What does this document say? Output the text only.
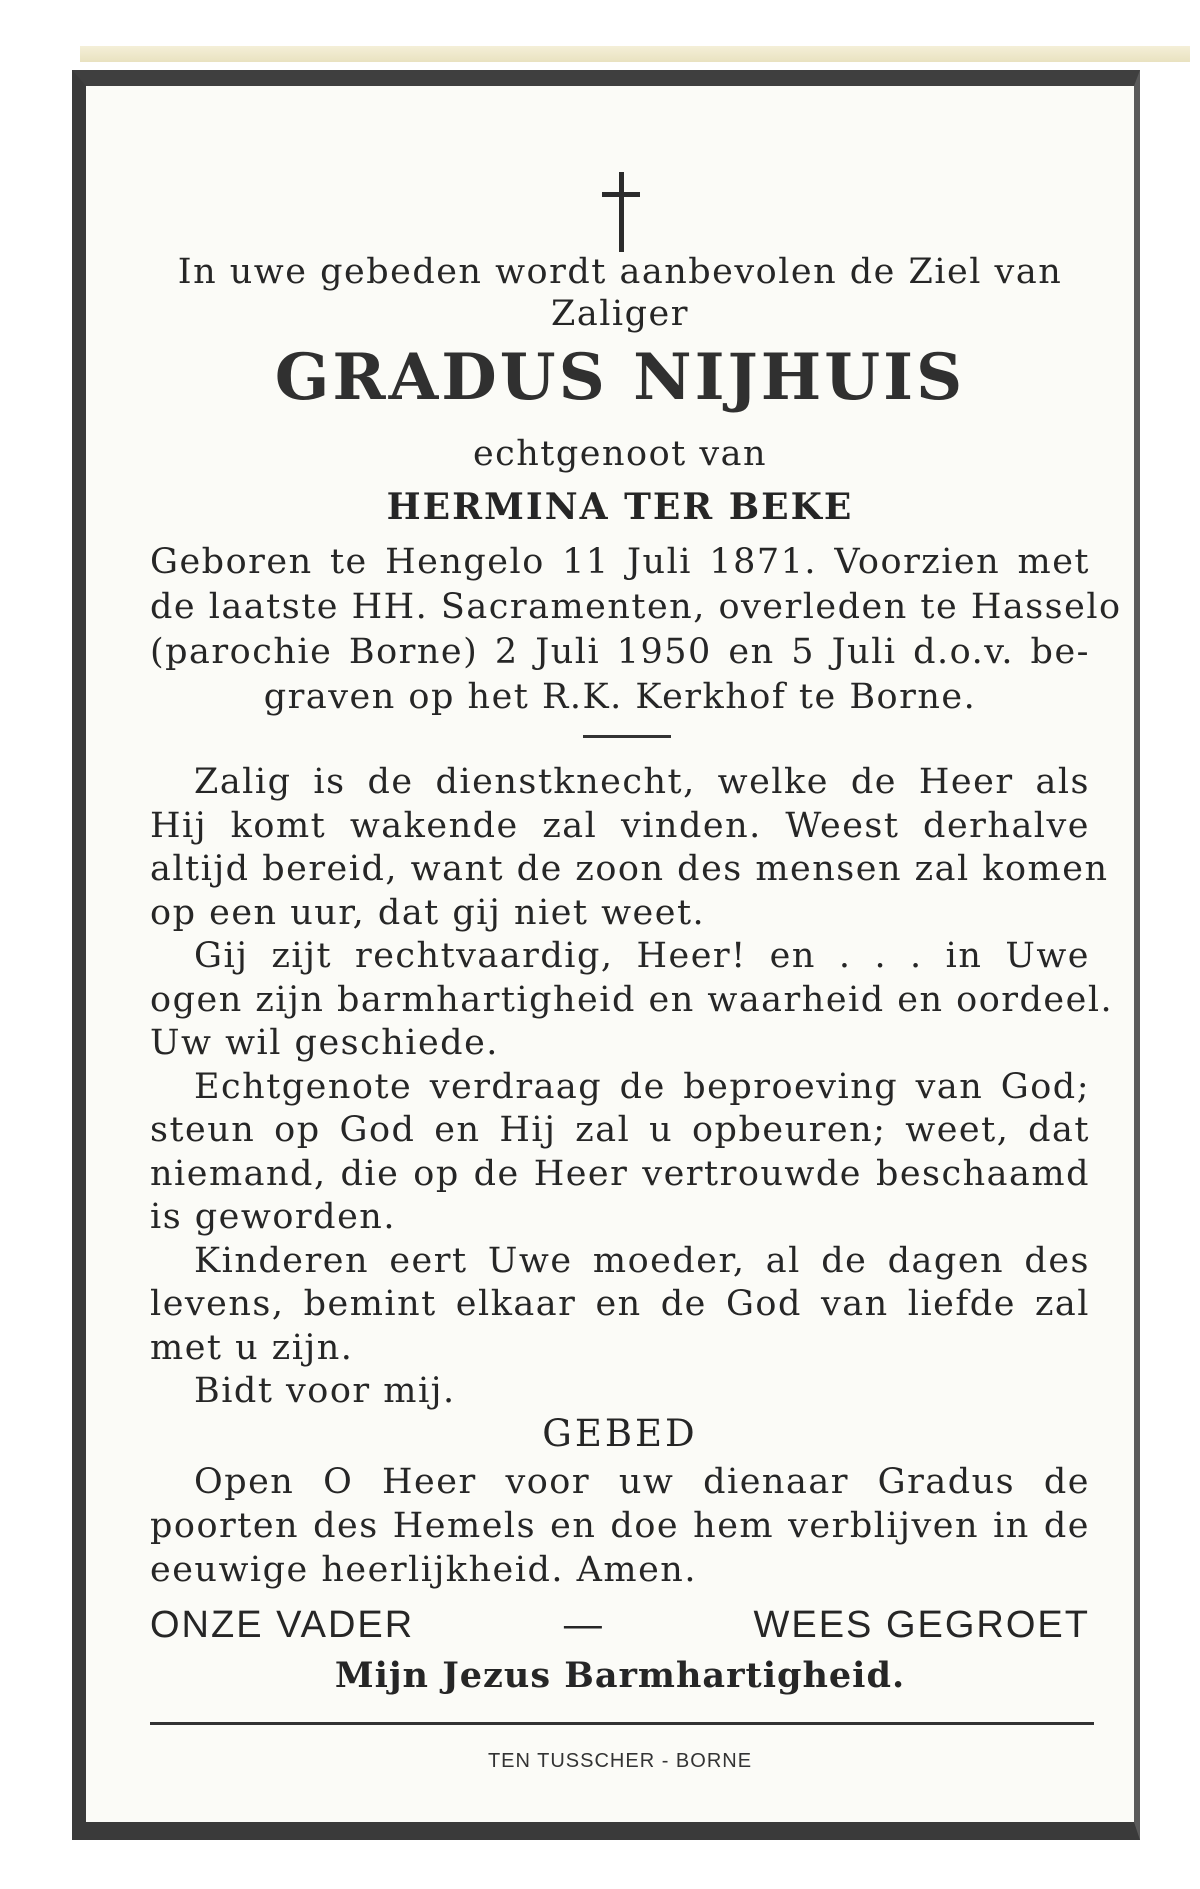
In uwe gebeden wordt aanbevolen de Ziel van
Zaliger
GRADUS NIJHUIS
echtgenoot van
HERMINA TER BEKE
Geboren te Hengelo 11 Juli 1871. Voorzien met
de laatste HH. Sacramenten, overleden te Hasselo
(parochie Borne) 2 Juli 1950 en 5 Juli d.o.v. be-
graven op het R.K. Kerkhof te Borne.
Zalig is de dienstknecht, welke de Heer als
Hij komt wakende zal vinden. Weest derhalve
altijd bereid, want de zoon des mensen zal komen
op een uur, dat gij niet weet.
Gij zijt rechtvaardig, Heer! en . . . in Uwe
ogen zijn barmhartigheid en waarheid en oordeel.
Uw wil geschiede.
Echtgenote verdraag de beproeving van God;
steun op God en Hij zal u opbeuren; weet, dat
niemand, die op de Heer vertrouwde beschaamd
is geworden.
Kinderen eert Uwe moeder, al de dagen des
levens, bemint elkaar en de God van liefde zal
met u zijn.
Bidt voor mij.
GEBED
Open O Heer voor uw dienaar Gradus de
poorten des Hemels en doe hem verblijven in de
eeuwige heerlijkheid. Amen.
ONZE VADER	—	WEES GEGROET
Mijn Jezus Barmhartigheid.
TEN TUSSCHER - BORNE
